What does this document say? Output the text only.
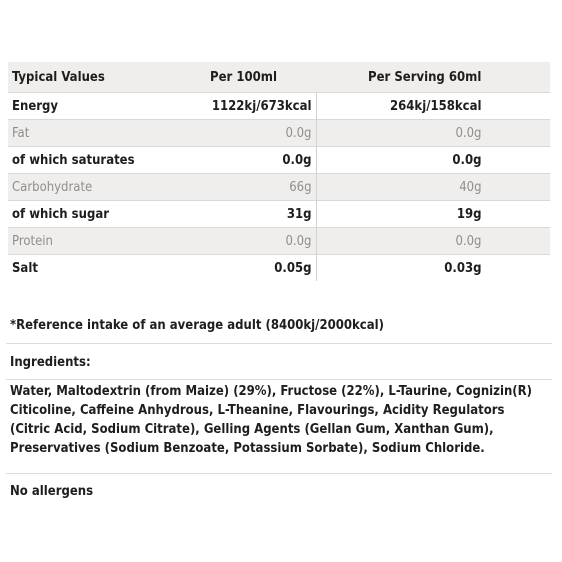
Typical Values	Per 100ml	Per Serving 60ml
Energy	1122kj/673kcal	264kj/158kcal
Fat	0.0g	0.0g
of which saturates	0.0g	0.0g
Carbohydrate	66g	40g
of which sugar	31g	19g
Protein	0.0g	0.0g
Salt	0.05g	0.03g
*Reference intake of an average adult (8400kj/2000kcal)
Ingredients:
Water, Maltodextrin (from Maize) (29%), Fructose (22%), L-Taurine, Cognizin(R)
Citicoline, Caffeine Anhydrous, L-Theanine, Flavourings, Acidity Regulators
(Citric Acid, Sodium Citrate), Gelling Agents (Gellan Gum, Xanthan Gum),
Preservatives (Sodium Benzoate, Potassium Sorbate), Sodium Chloride.
No allergens
